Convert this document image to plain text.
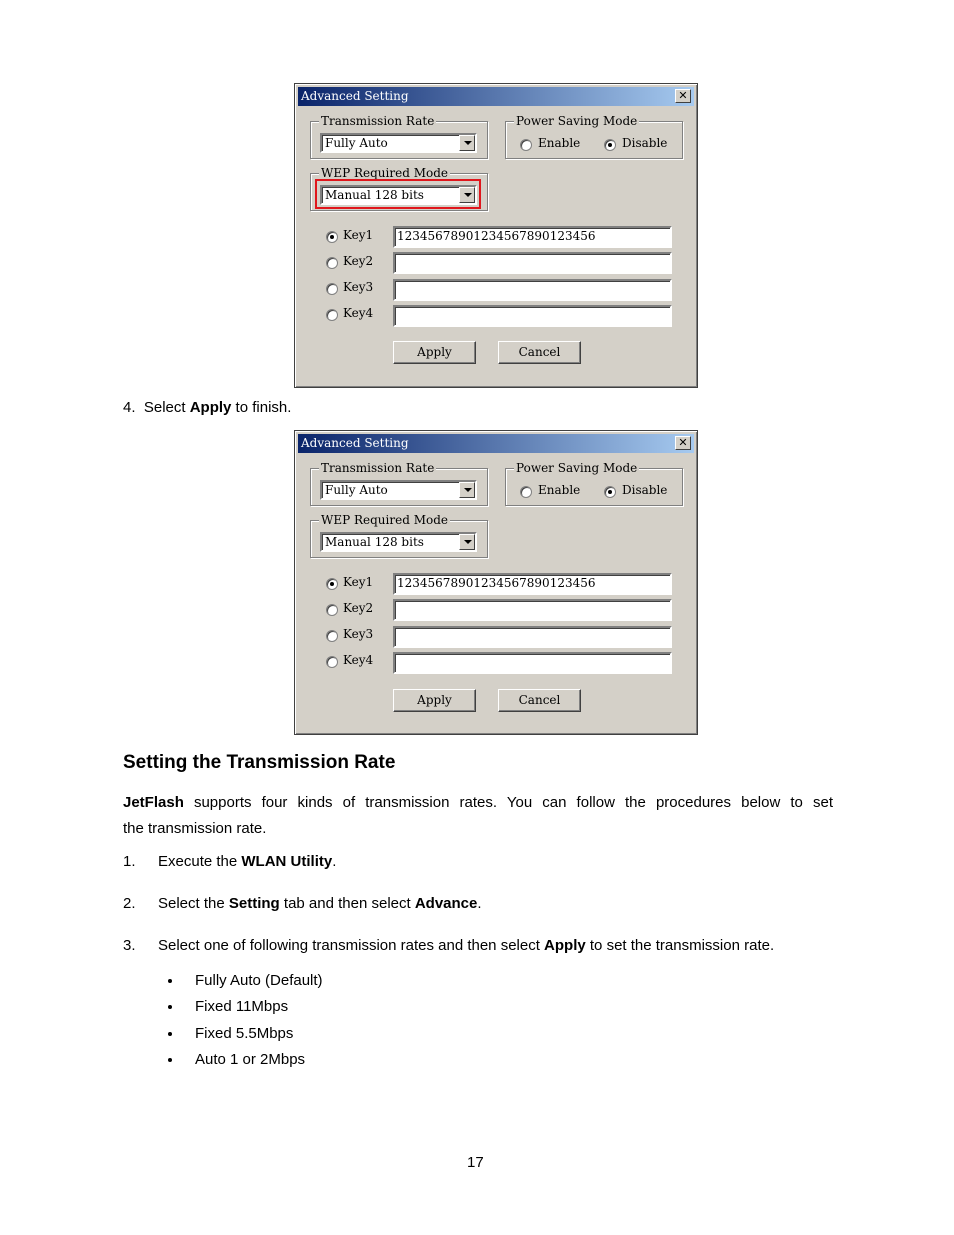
Advanced Setting	✕
Transmission Rate
Fully Auto
Power Saving Mode
Enable	Disable
WEP Required Mode
Manual 128 bits
Key1 12345678901234567890123456
Key2
Key3
Key4
Apply	Cancel
4. Select Apply to finish.
Advanced Setting	✕
Transmission Rate
Fully Auto
Power Saving Mode
Enable	Disable
WEP Required Mode
Manual 128 bits
Key1 12345678901234567890123456
Key2
Key3
Key4
Apply	Cancel
Setting the Transmission Rate
JetFlash supports four kinds of transmission rates. You can follow the procedures below to set
the transmission rate.
1. Execute the WLAN Utility.
2. Select the Setting tab and then select Advance.
3. Select one of following transmission rates and then select Apply to set the transmission rate.
Fully Auto (Default)
Fixed 11Mbps
Fixed 5.5Mbps
Auto 1 or 2Mbps
17
